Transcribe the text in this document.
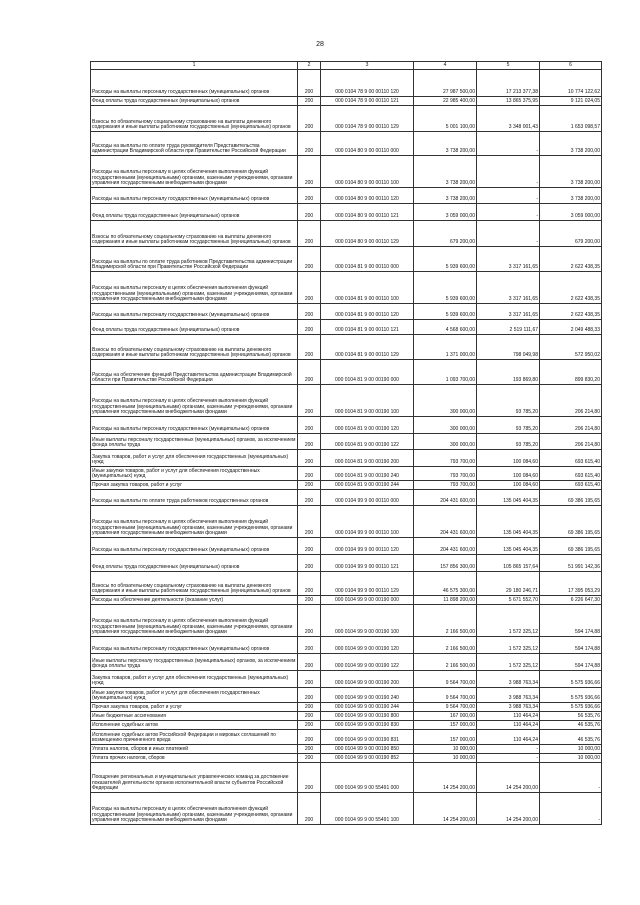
28
1	2	3	4	5	6
Расходы на выплаты персоналу государственных (муниципальных) органов	200	000 0104 78 9 00 00110 120	27 987 500,00	17 213 377,38	10 774 122,62
Фонд оплаты труда государственных (муниципальных) органов	200	000 0104 78 9 00 00110 121	22 985 400,00	13 865 375,95	9 121 024,05
Взносы по обязательному социальному страхованию на выплаты денежного содержания и иные выплаты работникам государственных (муниципальных) органов	200	000 0104 78 9 00 00110 129	5 001 100,00	3 348 001,43	1 653 098,57
Расходы на выплаты по оплате труда руководителя Представительства администрации Владимирской области при Правительстве Российской Федерации	200	000 0104 80 9 00 00110 000	3 738 200,00	-	3 738 200,00
Расходы на выплаты персоналу в целях обеспечения выполнения функций государственными (муниципальными) органами, казенными учреждениями, органами управления государственными внебюджетными фондами	200	000 0104 80 9 00 00110 100	3 738 200,00	-	3 738 200,00
Расходы на выплаты персоналу государственных (муниципальных) органов	200	000 0104 80 9 00 00110 120	3 738 200,00	-	3 738 200,00
Фонд оплаты труда государственных (муниципальных) органов	200	000 0104 80 9 00 00110 121	3 059 000,00	-	3 059 000,00
Взносы по обязательному социальному страхованию на выплаты денежного содержания и иные выплаты работникам государственных (муниципальных) органов	200	000 0104 80 9 00 00110 129	679 200,00	-	679 200,00
Расходы на выплаты по оплате труда работников Представительства администрации Владимирской области при Правительстве Российской Федерации	200	000 0104 81 9 00 00110 000	5 939 600,00	3 317 161,65	2 622 438,35
Расходы на выплаты персоналу в целях обеспечения выполнения функций государственными (муниципальными) органами, казенными учреждениями, органами управления государственными внебюджетными фондами	200	000 0104 81 9 00 00110 100	5 939 600,00	3 317 161,65	2 622 438,35
Расходы на выплаты персоналу государственных (муниципальных) органов	200	000 0104 81 9 00 00110 120	5 939 600,00	3 317 161,65	2 622 438,35
Фонд оплаты труда государственных (муниципальных) органов	200	000 0104 81 9 00 00110 121	4 568 600,00	2 519 111,67	2 049 488,33
Взносы по обязательному социальному страхованию на выплаты денежного содержания и иные выплаты работникам государственных (муниципальных) органов	200	000 0104 81 9 00 00110 129	1 371 000,00	798 049,98	572 950,02
Расходы на обеспечение функций Представительства администрации Владимирской области при Правительстве Российской Федерации	200	000 0104 81 9 00 00190 000	1 093 700,00	193 869,80	899 830,20
Расходы на выплаты персоналу в целях обеспечения выполнения функций государственными (муниципальными) органами, казенными учреждениями, органами управления государственными внебюджетными фондами	200	000 0104 81 9 00 00190 100	300 000,00	93 785,20	206 214,80
Расходы на выплаты персоналу государственных (муниципальных) органов	200	000 0104 81 9 00 00190 120	300 000,00	93 785,20	206 214,80
Иные выплаты персоналу государственных (муниципальных) органов, за исключением фонда оплаты труда	200	000 0104 81 9 00 00190 122	300 000,00	93 785,20	206 214,80
Закупка товаров, работ и услуг для обеспечения государственных (муниципальных) нужд	200	000 0104 81 9 00 00190 200	793 700,00	100 084,60	693 615,40
Иные закупки товаров, работ и услуг для обеспечения государственных (муниципальных) нужд	200	000 0104 81 9 00 00190 240	793 700,00	100 084,60	693 615,40
Прочая закупка товаров, работ и услуг	200	000 0104 81 9 00 00190 244	793 700,00	100 084,60	693 615,40
Расходы на выплаты по оплате труда работников государственных органов	200	000 0104 99 9 00 00110 000	204 431 600,00	135 045 404,35	69 386 195,65
Расходы на выплаты персоналу в целях обеспечения выполнения функций государственными (муниципальными) органами, казенными учреждениями, органами управления государственными внебюджетными фондами	200	000 0104 99 9 00 00110 100	204 431 600,00	135 045 404,35	69 386 195,65
Расходы на выплаты персоналу государственных (муниципальных) органов	200	000 0104 99 9 00 00110 120	204 431 600,00	135 045 404,35	69 386 195,65
Фонд оплаты труда государственных (муниципальных) органов	200	000 0104 99 9 00 00110 121	157 856 300,00	105 865 157,64	51 991 142,36
Взносы по обязательному социальному страхованию на выплаты денежного содержания и иные выплаты работникам государственных (муниципальных) органов	200	000 0104 99 9 00 00110 129	46 575 300,00	29 180 246,71	17 395 053,29
Расходы на обеспечение деятельности (оказание услуг)	200	000 0104 99 9 00 00190 000	11 898 200,00	5 671 552,70	6 226 647,30
Расходы на выплаты персоналу в целях обеспечения выполнения функций государственными (муниципальными) органами, казенными учреждениями, органами управления государственными внебюджетными фондами	200	000 0104 99 9 00 00190 100	2 166 500,00	1 572 325,12	594 174,88
Расходы на выплаты персоналу государственных (муниципальных) органов	200	000 0104 99 9 00 00190 120	2 166 500,00	1 572 325,12	594 174,88
Иные выплаты персоналу государственных (муниципальных) органов, за исключением фонда оплаты труда	200	000 0104 99 9 00 00190 122	2 166 500,00	1 572 325,12	594 174,88
Закупка товаров, работ и услуг для обеспечения государственных (муниципальных) нужд	200	000 0104 99 9 00 00190 200	9 564 700,00	3 988 763,34	5 575 936,66
Иные закупки товаров, работ и услуг для обеспечения государственных (муниципальных) нужд	200	000 0104 99 9 00 00190 240	9 564 700,00	3 988 763,34	5 575 936,66
Прочая закупка товаров, работ и услуг	200	000 0104 99 9 00 00190 244	9 564 700,00	3 988 763,34	5 575 936,66
Иные бюджетные ассигнования	200	000 0104 99 9 00 00190 800	167 000,00	110 464,24	56 535,76
Исполнение судебных актов	200	000 0104 99 9 00 00190 830	157 000,00	110 464,24	46 535,76
Исполнение судебных актов Российской Федерации и мировых соглашений по возмещению причиненного вреда	200	000 0104 99 9 00 00190 831	157 000,00	110 464,24	46 535,76
Уплата налогов, сборов и иных платежей	200	000 0104 99 9 00 00190 850	10 000,00	-	10 000,00
Уплата прочих налогов, сборов	200	000 0104 99 9 00 00190 852	10 000,00	-	10 000,00
Поощрение региональных и муниципальных управленческих команд за достижение показателей деятельности органов исполнительной власти субъектов Российской Федерации	200	000 0104 99 9 00 55491 000	14 254 200,00	14 254 200,00	-
Расходы на выплаты персоналу в целях обеспечения выполнения функций государственными (муниципальными) органами, казенными учреждениями, органами управления государственными внебюджетными фондами	200	000 0104 99 9 00 55491 100	14 254 200,00	14 254 200,00	-
